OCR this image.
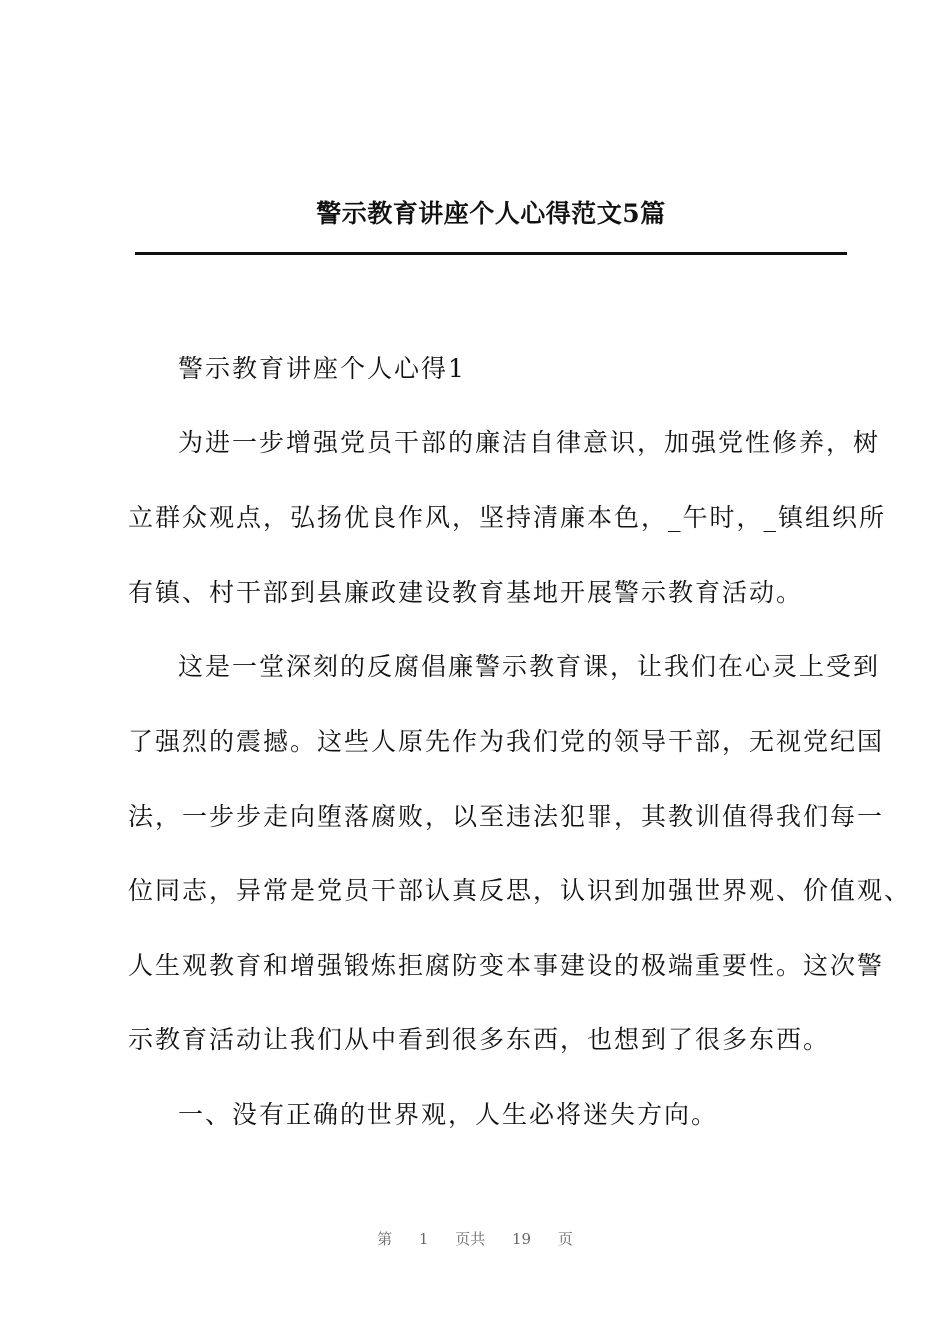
警示教育讲座个人心得范文5篇
警示教育讲座个人心得1
为进一步增强党员干部的廉洁自律意识，加强党性修养，树
立群众观点，弘扬优良作风，坚持清廉本色，_午时，_镇组织所
有镇、村干部到县廉政建设教育基地开展警示教育活动。
这是一堂深刻的反腐倡廉警示教育课，让我们在心灵上受到
了强烈的震撼。这些人原先作为我们党的领导干部，无视党纪国
法，一步步走向堕落腐败，以至违法犯罪，其教训值得我们每一
位同志，异常是党员干部认真反思，认识到加强世界观、价值观、
人生观教育和增强锻炼拒腐防变本事建设的极端重要性。这次警
示教育活动让我们从中看到很多东西，也想到了很多东西。
一、没有正确的世界观，人生必将迷失方向。
第 1 页共 19 页
